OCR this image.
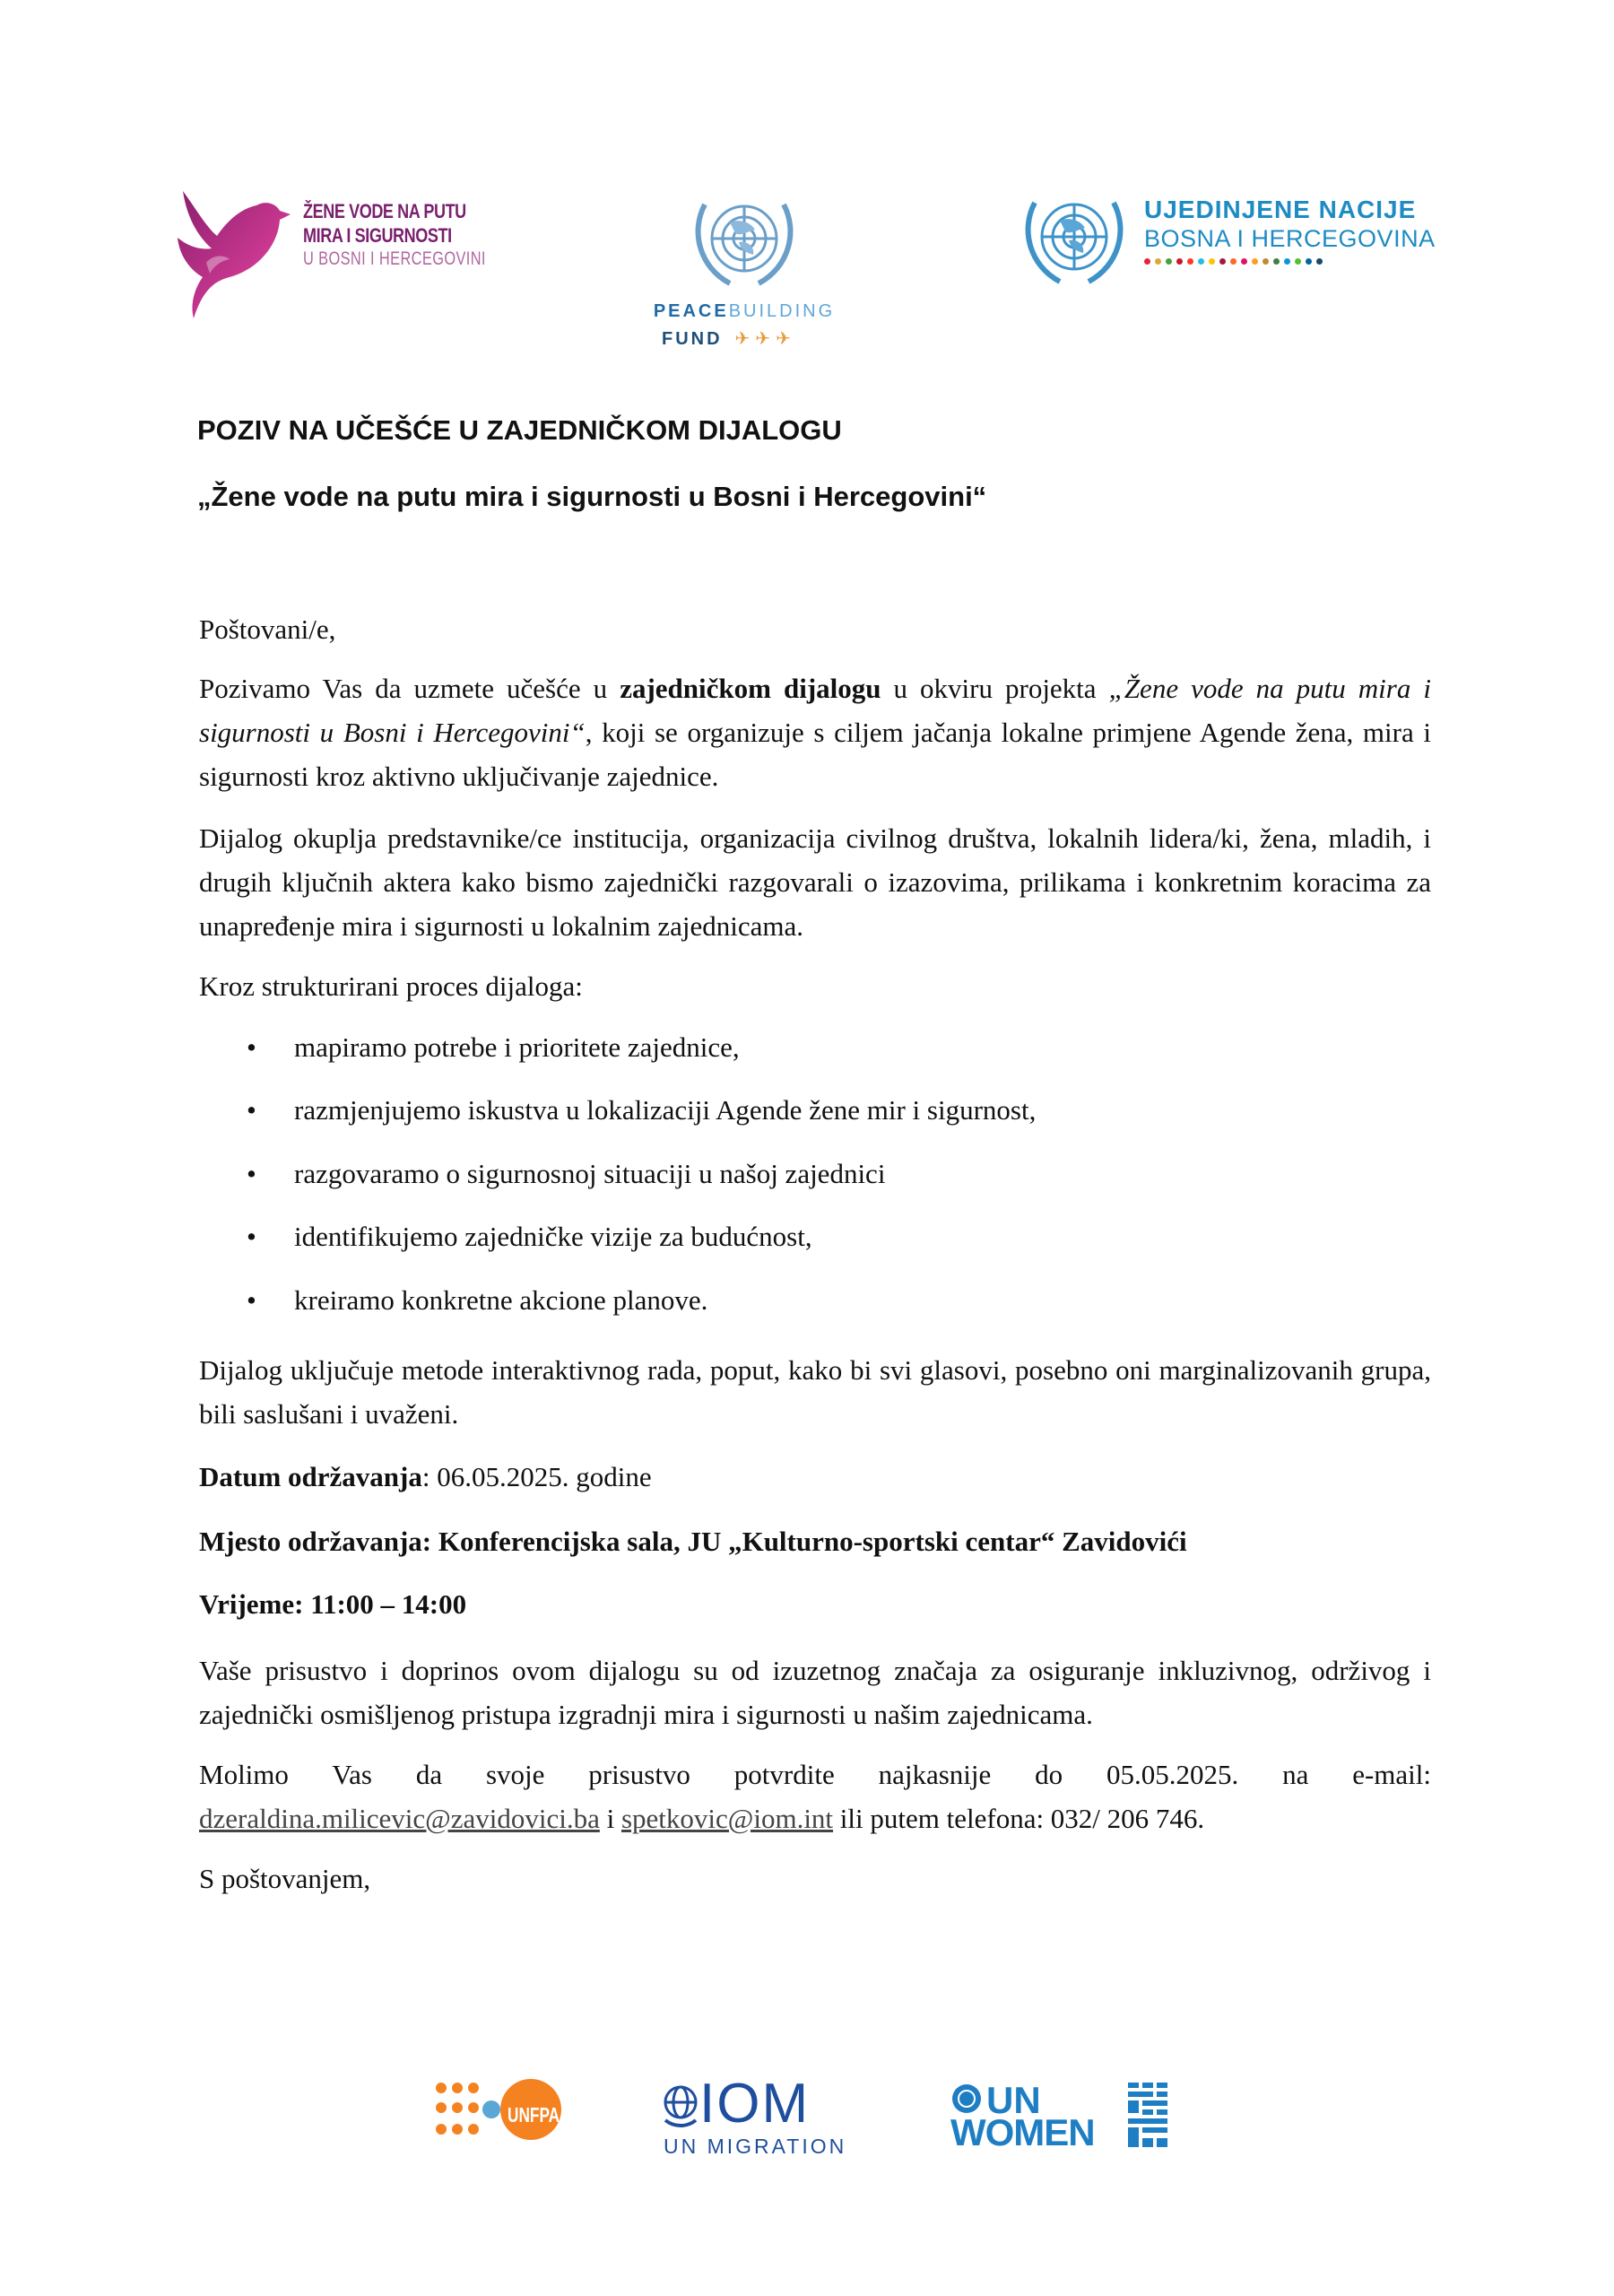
ŽENE VODE NA PUTU
MIRA I SIGURNOSTI
U BOSNI I HERCEGOVINI
PEACEBUILDING
FUND ✈✈✈
UJEDINJENE NACIJE
BOSNA I HERCEGOVINA
POZIV NA UČEŠĆE U ZAJEDNIČKOM DIJALOGU
„Žene vode na putu mira i sigurnosti u Bosni i Hercegovini“
Poštovani/e,
Pozivamo Vas da uzmete učešće u zajedničkom dijalogu u okviru projekta „Žene vode na putu mira i sigurnosti u Bosni i Hercegovini“, koji se organizuje s ciljem jačanja lokalne primjene Agende žena, mira i sigurnosti kroz aktivno uključivanje zajednice.
Dijalog okuplja predstavnike/ce institucija, organizacija civilnog društva, lokalnih lidera/ki, žena, mladih, i drugih ključnih aktera kako bismo zajednički razgovarali o izazovima, prilikama i konkretnim koracima za unapređenje mira i sigurnosti u lokalnim zajednicama.
Kroz strukturirani proces dijaloga:
• mapiramo potrebe i prioritete zajednice,
• razmjenjujemo iskustva u lokalizaciji Agende žene mir i sigurnost,
• razgovaramo o sigurnosnoj situaciji u našoj zajednici
• identifikujemo zajedničke vizije za budućnost,
• kreiramo konkretne akcione planove.
Dijalog uključuje metode interaktivnog rada, poput, kako bi svi glasovi, posebno oni marginalizovanih grupa, bili saslušani i uvaženi.
Datum održavanja: 06.05.2025. godine
Mjesto održavanja: Konferencijska sala, JU „Kulturno-sportski centar“ Zavidovići
Vrijeme: 11:00 – 14:00
Vaše prisustvo i doprinos ovom dijalogu su od izuzetnog značaja za osiguranje inkluzivnog, održivog i zajednički osmišljenog pristupa izgradnji mira i sigurnosti u našim zajednicama.
Molimo Vas da svoje prisustvo potvrdite najkasnije do 05.05.2025. na e-mail:
dzeraldina.milicevic@zavidovici.ba i spetkovic@iom.int ili putem telefona: 032/ 206 746.
S poštovanjem,
UNFPA	IOM
UN MIGRATION
UN
WOMEN
